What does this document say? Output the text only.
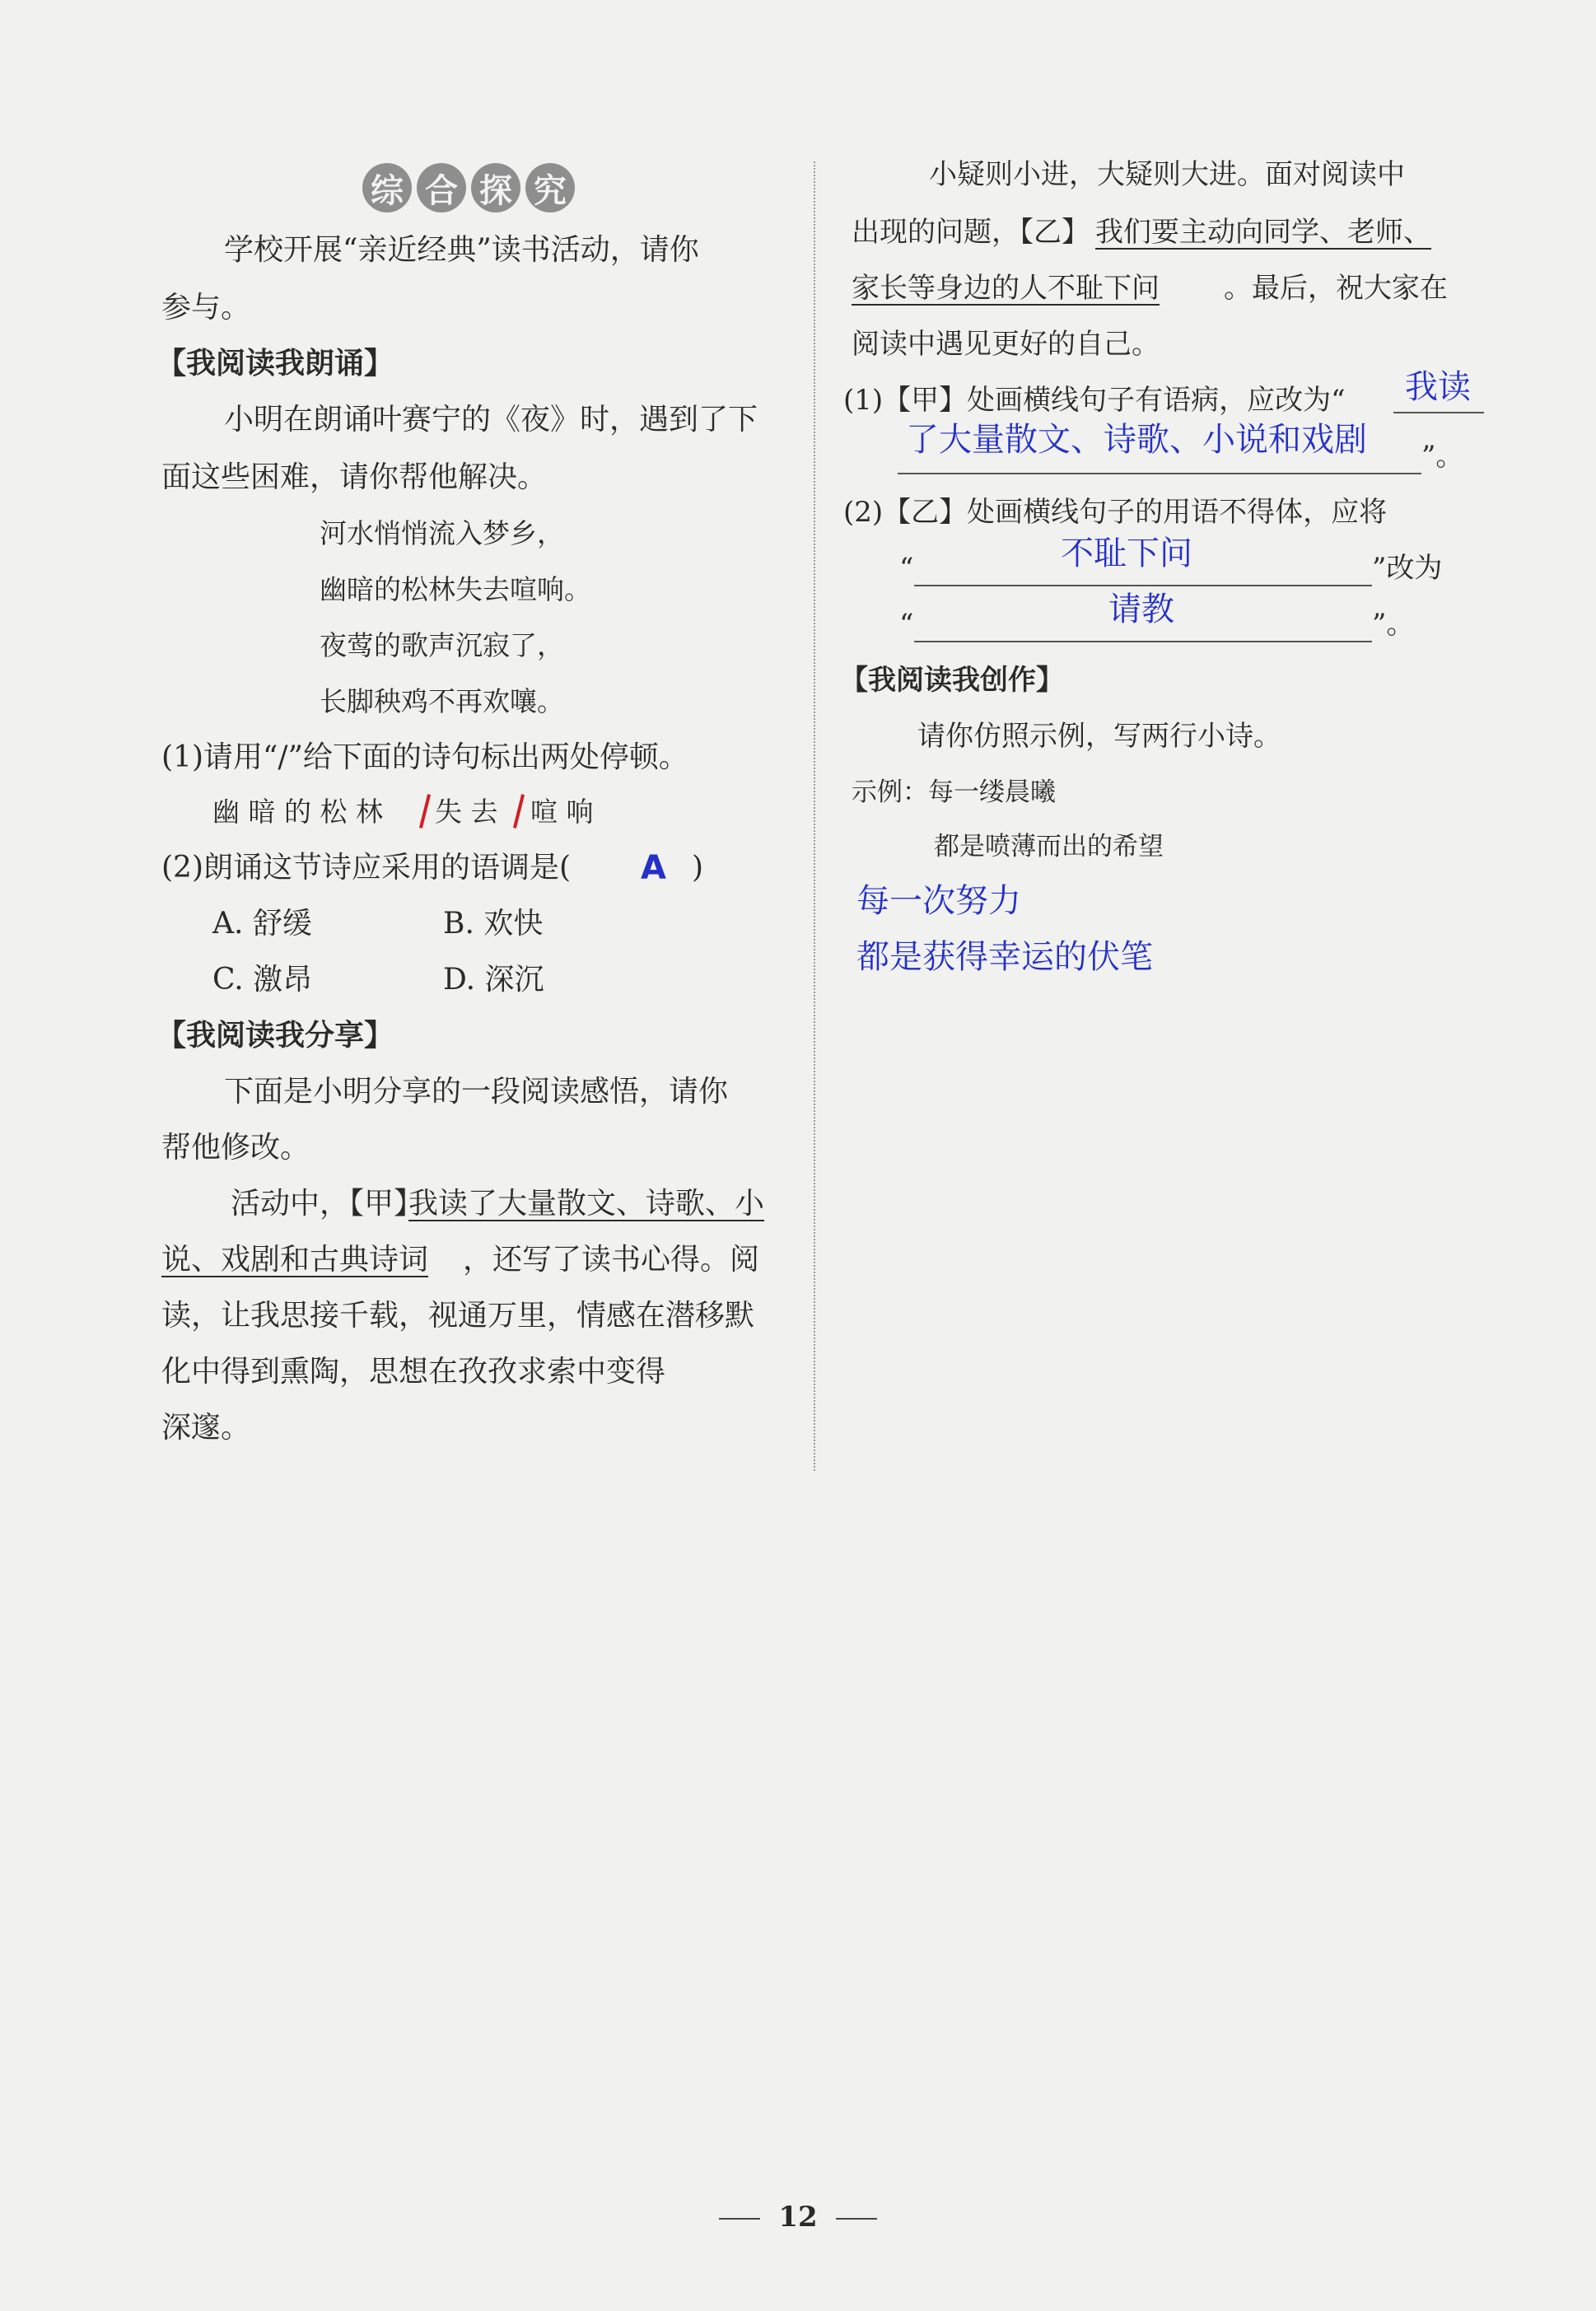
综 合 探 究
学校开展“亲近经典”读书活动，请你
参与。
【我阅读我朗诵】
小明在朗诵叶赛宁的《夜》时，遇到了下
面这些困难，请你帮他解决。
河水悄悄流入梦乡，
幽暗的松林失去喧响。
夜莺的歌声沉寂了，
长脚秧鸡不再欢嚷。
(1)请用“/”给下面的诗句标出两处停顿。
幽 暗 的 松 林 失 去 喧 响
(2)朗诵这节诗应采用的语调是( A )
A. 舒缓	B. 欢快
C. 激昂	D. 深沉
【我阅读我分享】
下面是小明分享的一段阅读感悟，请你
帮他修改。
活动中，【甲】
我读了大量散文、诗歌、小
说、戏剧和古典诗词 ，还写了读书心得。阅
读，让我思接千载，视通万里，情感在潜移默
化中得到熏陶，思想在孜孜求索中变得
深邃。
小疑则小进，大疑则大进。面对阅读中
出现的问题，【乙】 我们要主动向同学、老师、
家长等身边的人不耻下问 。最后，祝大家在
阅读中遇见更好的自己。
(1)【甲】处画横线句子有语病，应改为“ 我读
了大量散文、诗歌、小说和戏剧 ”。
(2)【乙】处画横线句子的用语不得体，应将
“	不耻下问	”改为
“	请教	”。
【我阅读我创作】
请你仿照示例，写两行小诗。
示例：每一缕晨曦
都是喷薄而出的希望
每一次努力
都是获得幸运的伏笔
12
